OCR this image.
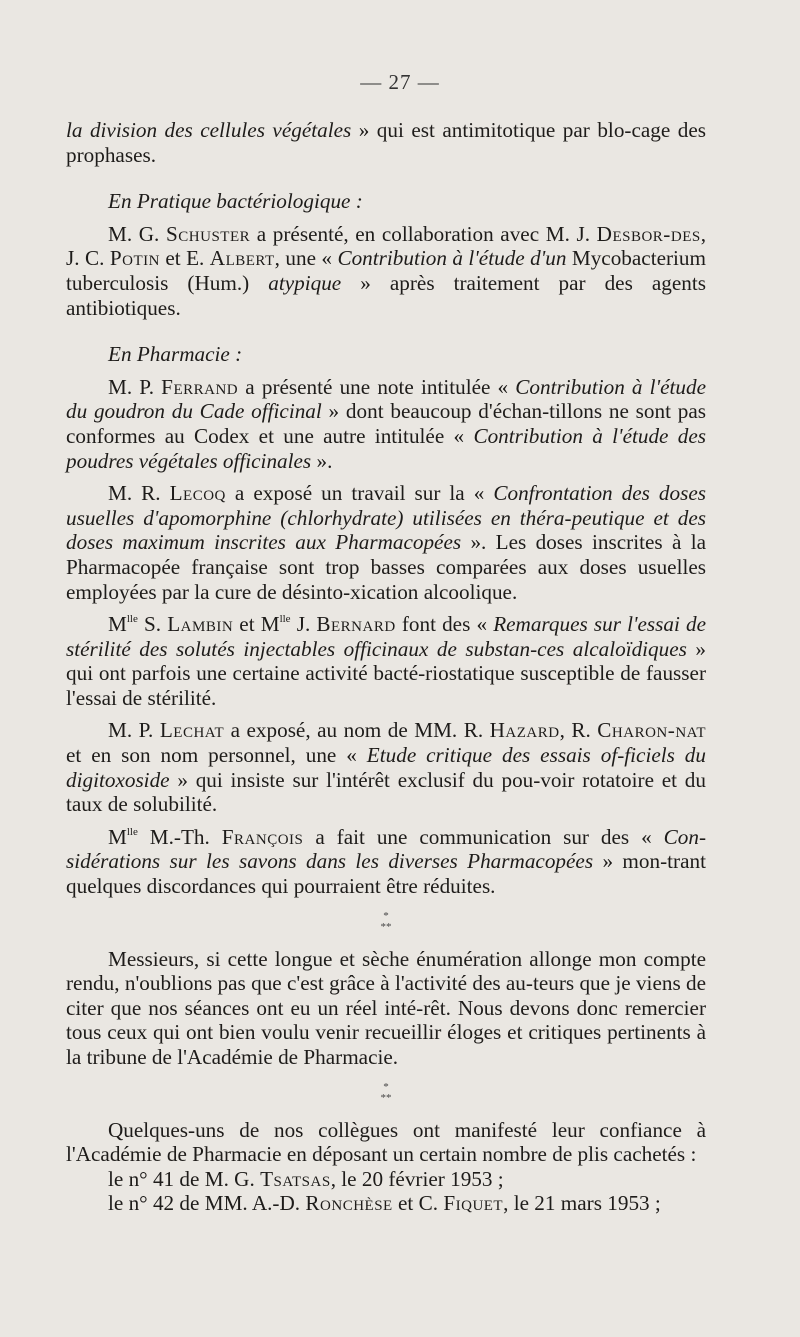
— 27 —

la division des cellules végétales » qui est antimitotique par blo-cage des prophases.

En Pratique bactériologique :

M. G. Schuster a présenté, en collaboration avec M. J. Desbor-des, J. C. Potin et E. Albert, une « Contribution à l'étude d'un Mycobacterium tuberculosis (Hum.) atypique » après traitement par des agents antibiotiques.

En Pharmacie :

M. P. Ferrand a présenté une note intitulée « Contribution à l'étude du goudron du Cade officinal » dont beaucoup d'échan-tillons ne sont pas conformes au Codex et une autre intitulée « Contribution à l'étude des poudres végétales officinales ».

M. R. Lecoq a exposé un travail sur la « Confrontation des doses usuelles d'apomorphine (chlorhydrate) utilisées en théra-peutique et des doses maximum inscrites aux Pharmacopées ». Les doses inscrites à la Pharmacopée française sont trop basses comparées aux doses usuelles employées par la cure de désinto-xication alcoolique.

$M^{lle}$ S. Lambin et $M^{lle}$ J. Bernard font des « Remarques sur l'essai de stérilité des solutés injectables officinaux de substan-ces alcaloïdiques » qui ont parfois une certaine activité bacté-riostatique susceptible de fausser l'essai de stérilité.

M. P. Lechat a exposé, au nom de MM. R. Hazard, R. Charon-nat et en son nom personnel, une « Etude critique des essais of-ficiels du digitoxoside » qui insiste sur l'intérêt exclusif du pou-voir rotatoire et du taux de solubilité.

$M^{lle}$ M.-Th. François a fait une communication sur des « Con-sidérations sur les savons dans les diverses Pharmacopées » mon-trant quelques discordances qui pourraient être réduites.

*
**

Messieurs, si cette longue et sèche énumération allonge mon compte rendu, n'oublions pas que c'est grâce à l'activité des au-teurs que je viens de citer que nos séances ont eu un réel inté-rêt. Nous devons donc remercier tous ceux qui ont bien voulu venir recueillir éloges et critiques pertinents à la tribune de l'Académie de Pharmacie.

*
**

Quelques-uns de nos collègues ont manifesté leur confiance à l'Académie de Pharmacie en déposant un certain nombre de plis cachetés :

le n° 41 de M. G. Tsatsas, le 20 février 1953 ;

le n° 42 de MM. A.-D. Ronchèse et C. Fiquet, le 21 mars 1953 ;
